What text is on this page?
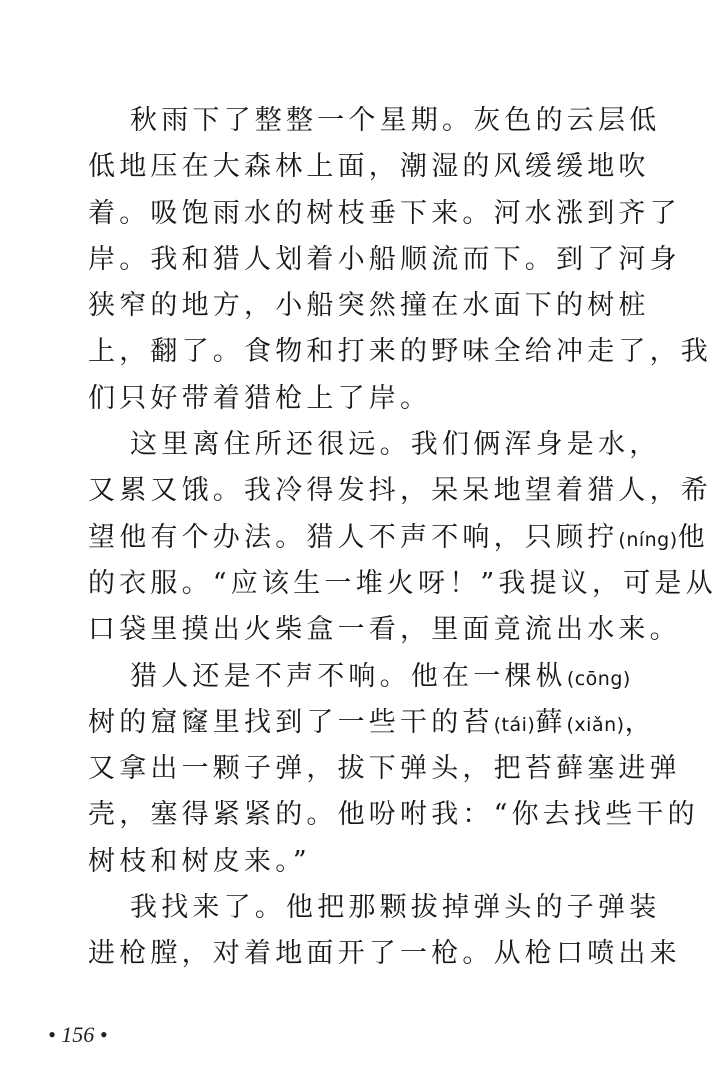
秋雨下了整整一个星期。灰色的云层低
低地压在大森林上面，潮湿的风缓缓地吹
着。吸饱雨水的树枝垂下来。河水涨到齐了
岸。我和猎人划着小船顺流而下。到了河身
狭窄的地方，小船突然撞在水面下的树桩
上，翻了。食物和打来的野味全给冲走了，我
们只好带着猎枪上了岸。
这里离住所还很远。我们俩浑身是水，
又累又饿。我冷得发抖，呆呆地望着猎人，希
望他有个办法。猎人不声不响，只顾拧(níng)他
的衣服。“应该生一堆火呀！”我提议，可是从
口袋里摸出火柴盒一看，里面竟流出水来。
猎人还是不声不响。他在一棵枞(cōng)
树的窟窿里找到了一些干的苔(tái)藓(xiǎn)，
又拿出一颗子弹，拔下弹头，把苔藓塞进弹
壳，塞得紧紧的。他吩咐我：“你去找些干的
树枝和树皮来。”
我找来了。他把那颗拔掉弹头的子弹装
进枪膛，对着地面开了一枪。从枪口喷出来
• 156 •
